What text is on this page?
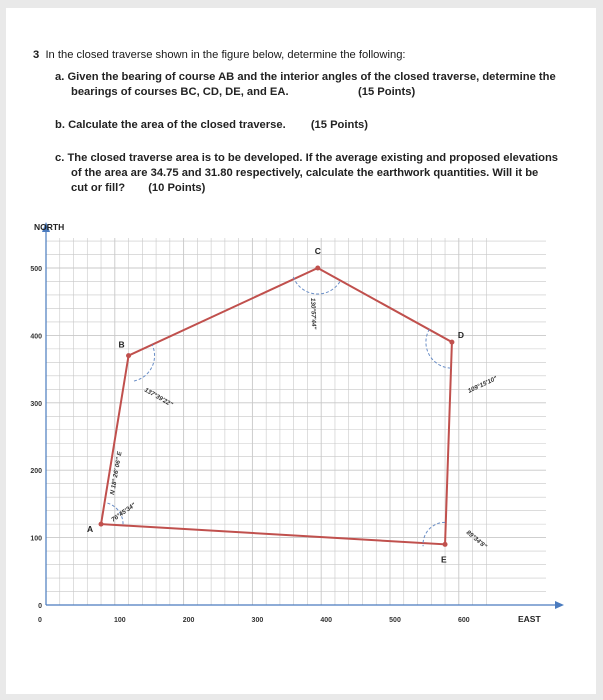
3 In the closed traverse shown in the figure below, determine the following:
a. Given the bearing of course AB and the interior angles of the closed traverse, determine the
bearings of courses BC, CD, DE, and EA.	(15 Points)
b. Calculate the area of the closed traverse. (15 Points)
c. The closed traverse area is to be developed. If the average existing and proposed elevations
of the area are 34.75 and 31.80 respectively, calculate the earthwork quantities. Will it be
cut or fill? (10 Points)
NORTH
EAST
0
100
200
300
400
500
0	100	200	300	400	500	600
A
B
C
D
E
N 18° 26' 06" E
76°45'34"
137°39'22"
130°57'44"
109°15'10"
89°34'8"
